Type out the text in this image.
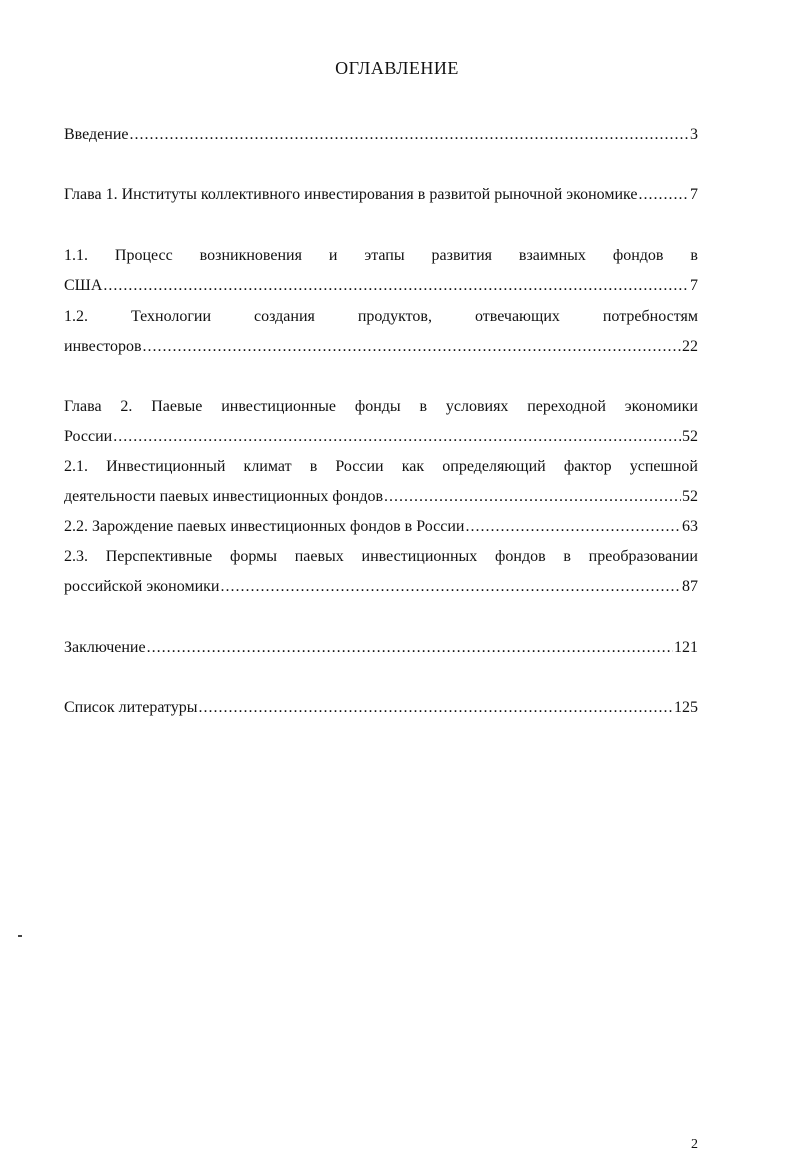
ОГЛАВЛЕНИЕ
Введение .....	3
Глава 1. Институты коллективного инвестирования в развитой рыночной экономике .....	7
1.1. Процесс возникновения и этапы развития взаимных фондов в
США .....	7
1.2.	Технологии	создания	продуктов,	отвечающих	потребностям
инвесторов .....	22
Глава 2. Паевые инвестиционные фонды в условиях переходной экономики
России .....	52
2.1. Инвестиционный климат в России как определяющий фактор успешной
деятельности паевых инвестиционных фондов .....	52
2.2. Зарождение паевых инвестиционных фондов в России .....	63
2.3. Перспективные формы паевых инвестиционных фондов в преобразовании
российской экономики .....	87
Заключение .....	121
Список литературы .....	125
2
